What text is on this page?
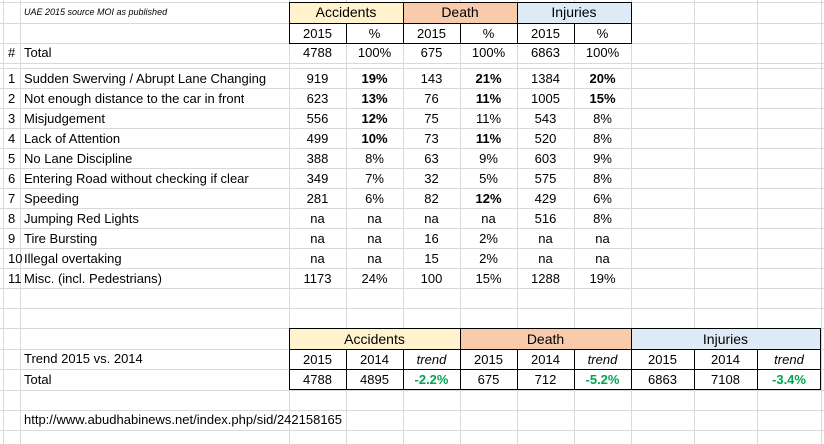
UAE 2015 source MOI as published	Accidents	Death	Injuries
2015	%	2015	%	2015	%
# Total	4788	100%	675	100%	6863	100%
1 Sudden Swerving / Abrupt Lane Changing	919	19%	143	21%	1384	20%
2 Not enough distance to the car in front	623	13%	76	11%	1005	15%
3 Misjudgement	556	12%	75	11%	543	8%
4 Lack of Attention	499	10%	73	11%	520	8%
5 No Lane Discipline	388	8%	63	9%	603	9%
6 Entering Road without checking if clear	349	7%	32	5%	575	8%
7 Speeding	281	6%	82	12%	429	6%
8 Jumping Red Lights	na	na	na	na	516	8%
9 Tire Bursting	na	na	16	2%	na	na
10 Illegal overtaking	na	na	15	2%	na	na
11 Misc. (incl. Pedestrians)	1173	24%	100	15%	1288	19%
Trend 2015 vs. 2014
Accidents	Death	Injuries
2015	2014	trend	2015	2014	trend	2015	2014	trend
Total	4788	4895	-2.2%	675	712	-5.2%	6863	7108	-3.4%
http://www.abudhabinews.net/index.php/sid/242158165
